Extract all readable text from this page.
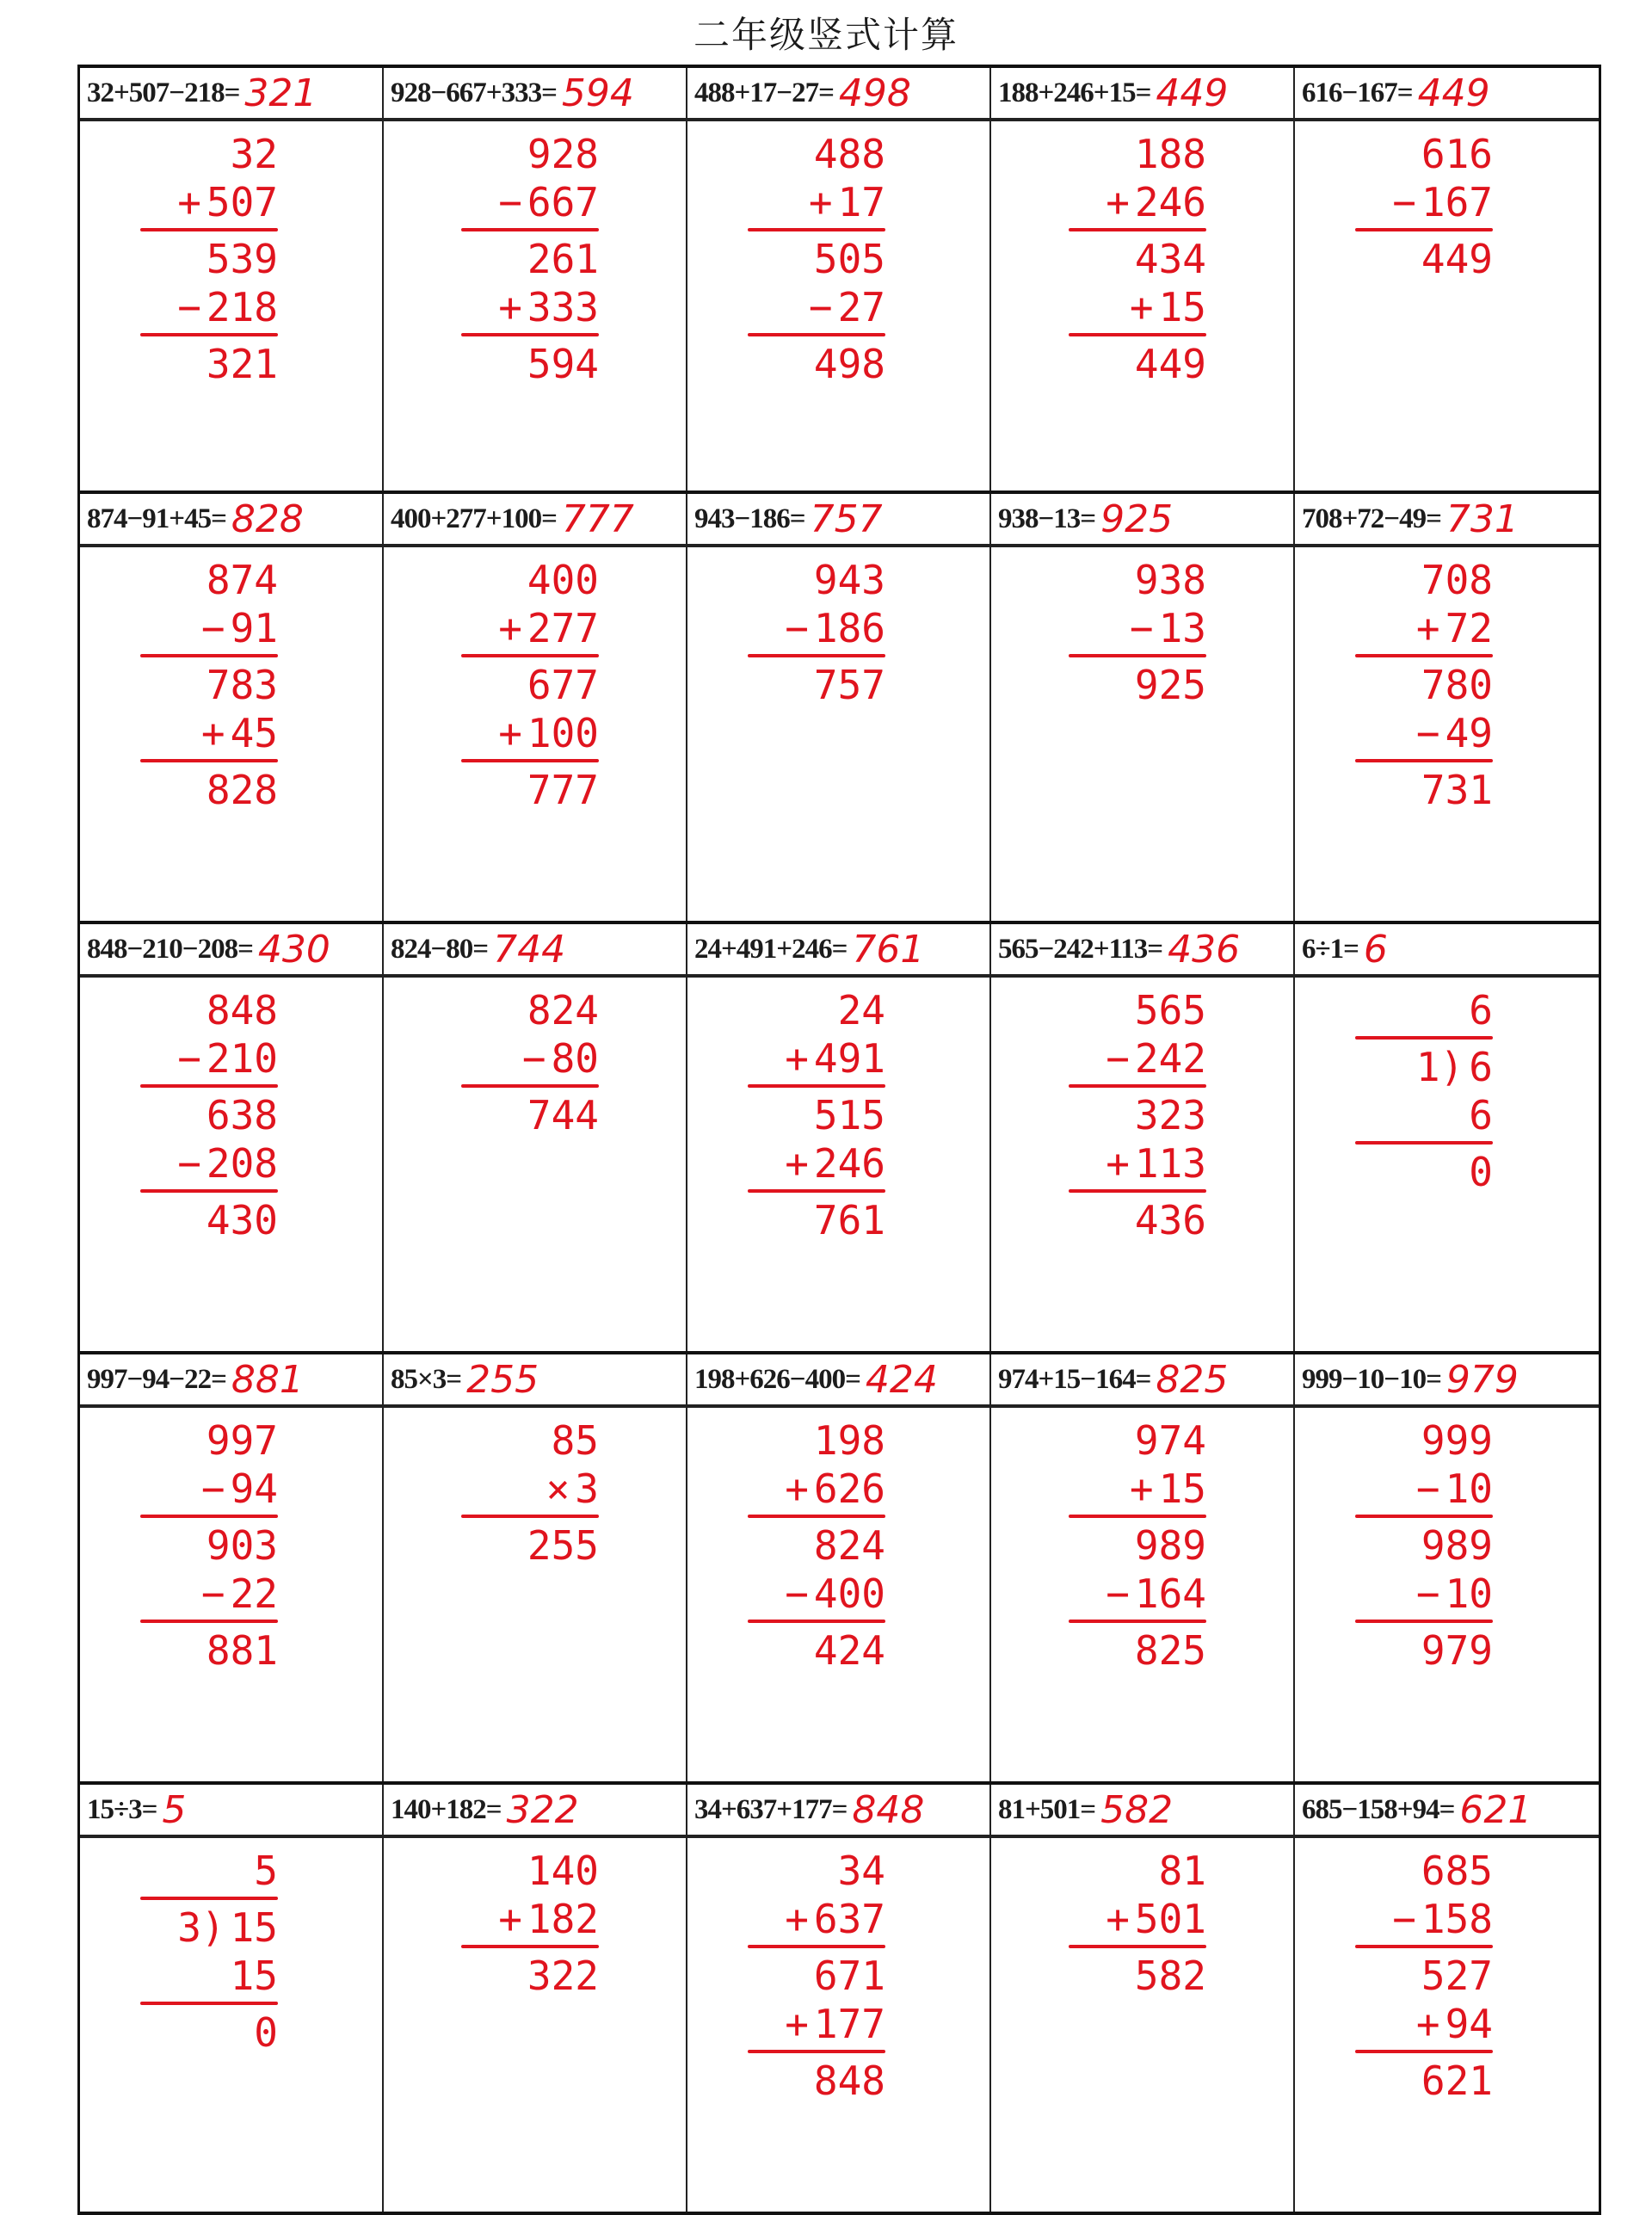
二年级竖式计算
32+507−218= 321
32
+ 507
539
− 218
321
928−667+333= 594
928
− 667
261
+ 333
594
488+17−27= 498
488
+ 17
505
− 27
498
188+246+15= 449
188
+ 246
434
+ 15
449
616−167= 449
616
− 167
449
874−91+45= 828
874
− 91
783
+ 45
828
400+277+100= 777
400
+ 277
677
+ 100
777
943−186= 757
943
− 186
757
938−13= 925
938
− 13
925
708+72−49= 731
708
+ 72
780
− 49
731
848−210−208= 430
848
− 210
638
− 208
430
824−80= 744
824
− 80
744
24+491+246= 761
24
+ 491
515
+ 246
761
565−242+113= 436
565
− 242
323
+ 113
436
6÷1= 6
6
1) 6
6
0
997−94−22= 881
997
− 94
903
− 22
881
85×3= 255
85
× 3
255
198+626−400= 424
198
+ 626
824
− 400
424
974+15−164= 825
974
+ 15
989
− 164
825
999−10−10= 979
999
− 10
989
− 10
979
15÷3= 5
5
3) 15
15
0
140+182= 322
140
+ 182
322
34+637+177= 848
34
+ 637
671
+ 177
848
81+501= 582
81
+ 501
582
685−158+94= 621
685
− 158
527
+ 94
621
